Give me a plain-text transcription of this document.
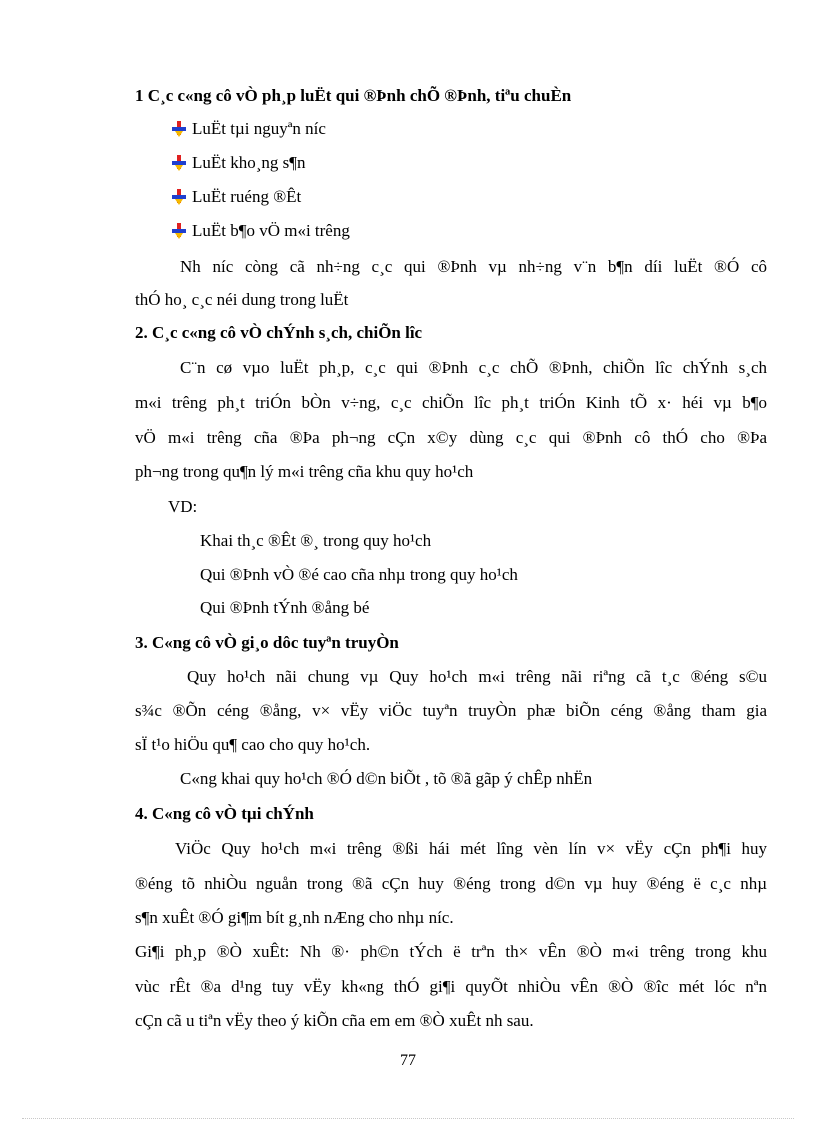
1 C¸c c«ng cô vÒ ph¸p luËt qui ®Þnh chÕ ®Þnh, tiªu chuÈn
LuËt tµi nguyªn níc
LuËt kho¸ng s¶n
LuËt ruéng ®Êt
LuËt b¶o vÖ m«i trêng
Nh níc còng cã nh÷ng c¸c qui ®Þnh vµ nh÷ng v¨n b¶n díi luËt ®Ó cô
thÓ ho¸ c¸c néi dung trong luËt
2. C¸c c«ng cô vÒ chÝnh s¸ch, chiÕn lîc
C¨n cø vµo luËt ph¸p, c¸c qui ®Þnh c¸c chÕ ®Þnh, chiÕn lîc chÝnh s¸ch
m«i trêng ph¸t triÓn bÒn v÷ng, c¸c chiÕn lîc ph¸t triÓn Kinh tÕ x· héi vµ b¶o
vÖ m«i trêng cña ®Þa ph¬ng cÇn x©y dùng c¸c qui ®Þnh cô thÓ cho ®Þa
ph¬ng trong qu¶n lý m«i trêng cña khu quy ho¹ch
VD:
Khai th¸c ®Êt ®¸ trong quy ho¹ch
Qui ®Þnh vÒ ®é cao cña nhµ trong quy ho¹ch
Qui ®Þnh tÝnh ®ång bé
3. C«ng cô vÒ gi¸o dôc tuyªn truyÒn
Quy ho¹ch nãi chung vµ Quy ho¹ch m«i trêng nãi riªng cã t¸c ®éng s©u
s¾c ®Õn céng ®ång, v× vËy viÖc tuyªn truyÒn phæ biÕn céng ®ång tham gia
sÏ t¹o hiÖu qu¶ cao cho quy ho¹ch.
C«ng khai quy ho¹ch ®Ó d©n biÕt , tõ ®ã gãp ý chÊp nhËn
4. C«ng cô vÒ tµi chÝnh
ViÖc Quy ho¹ch m«i trêng ®ßi hái mét lîng vèn lín v× vËy cÇn ph¶i huy
®éng tõ nhiÒu nguån trong ®ã cÇn huy ®éng trong d©n vµ huy ®éng ë c¸c nhµ
s¶n xuÊt ®Ó gi¶m bít g¸nh nÆng cho nhµ níc.
Gi¶i ph¸p ®Ò xuÊt: Nh ®· ph©n tÝch ë trªn th× vÊn ®Ò m«i trêng trong khu
vùc rÊt ®a d¹ng tuy vËy kh«ng thÓ gi¶i quyÕt nhiÒu vÊn ®Ò ®îc mét lóc nªn
cÇn cã u tiªn vËy theo ý kiÕn cña em em ®Ò xuÊt nh sau.
77
